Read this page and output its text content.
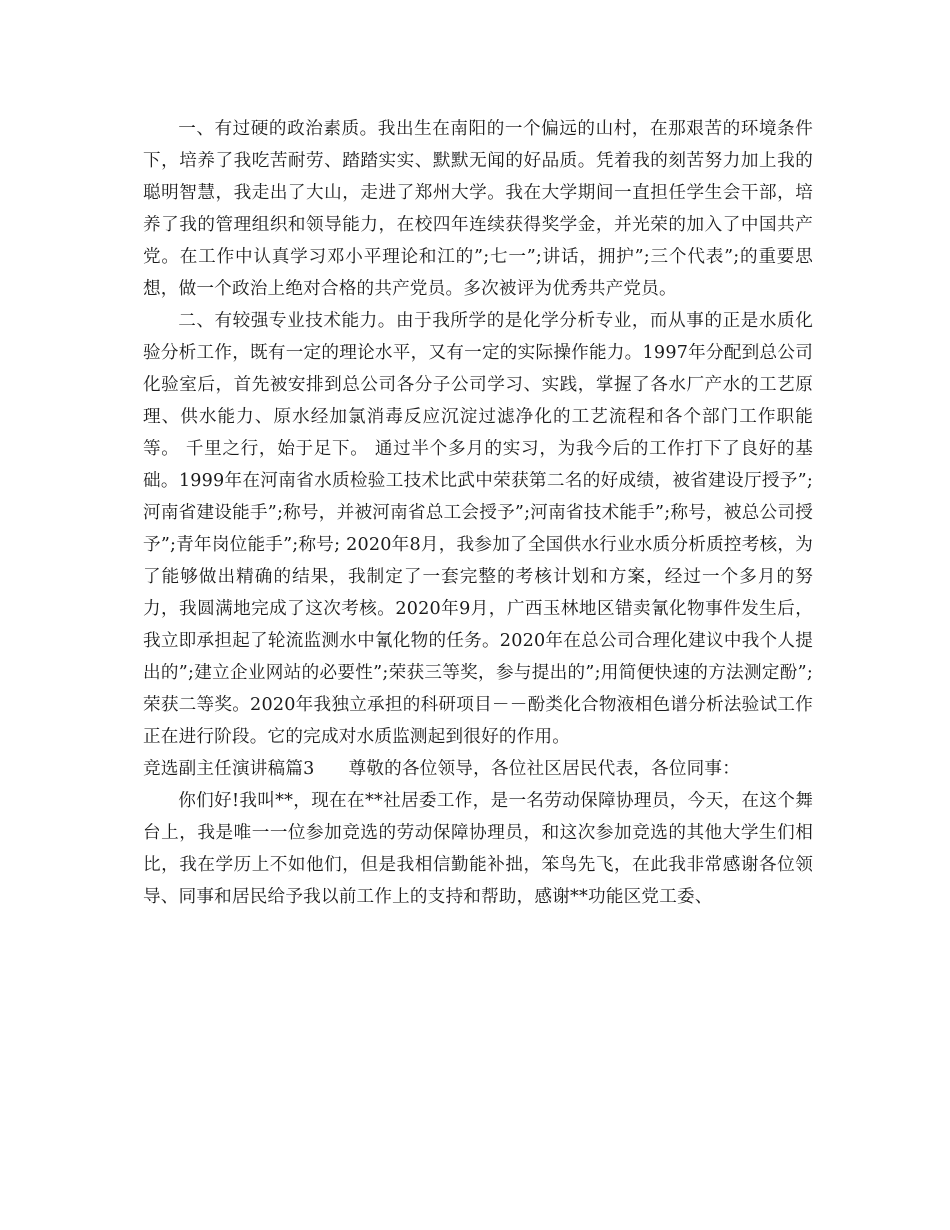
一、有过硬的政治素质。我出生在南阳的一个偏远的山村，在那艰苦的环境条件下，培养了我吃苦耐劳、踏踏实实、默默无闻的好品质。凭着我的刻苦努力加上我的聪明智慧，我走出了大山，走进了郑州大学。我在大学期间一直担任学生会干部，培养了我的管理组织和领导能力，在校四年连续获得奖学金，并光荣的加入了中国共产党。在工作中认真学习邓小平理论和江的”;七一”;讲话，拥护”;三个代表”;的重要思想，做一个政治上绝对合格的共产党员。多次被评为优秀共产党员。

二、有较强专业技术能力。由于我所学的是化学分析专业，而从事的正是水质化验分析工作，既有一定的理论水平，又有一定的实际操作能力。1997年分配到总公司化验室后，首先被安排到总公司各分子公司学习、实践，掌握了各水厂产水的工艺原理、供水能力、原水经加氯消毒反应沉淀过滤净化的工艺流程和各个部门工作职能等。 千里之行，始于足下。 通过半个多月的实习，为我今后的工作打下了良好的基础。1999年在河南省水质检验工技术比武中荣获第二名的好成绩，被省建设厅授予”;河南省建设能手”;称号，并被河南省总工会授予”;河南省技术能手”;称号，被总公司授予”;青年岗位能手”;称号; 2020年8月，我参加了全国供水行业水质分析质控考核，为了能够做出精确的结果，我制定了一套完整的考核计划和方案，经过一个多月的努力，我圆满地完成了这次考核。2020年9月，广西玉林地区错卖氰化物事件发生后，我立即承担起了轮流监测水中氰化物的任务。2020年在总公司合理化建议中我个人提出的”;建立企业网站的必要性”;荣获三等奖，参与提出的”;用简便快速的方法测定酚”;荣获二等奖。2020年我独立承担的科研项目－－酚类化合物液相色谱分析法验试工作正在进行阶段。它的完成对水质监测起到很好的作用。

竞选副主任演讲稿篇3 尊敬的各位领导，各位社区居民代表，各位同事：

你们好!我叫**，现在在**社居委工作，是一名劳动保障协理员，今天，在这个舞台上，我是唯一一位参加竞选的劳动保障协理员，和这次参加竞选的其他大学生们相比，我在学历上不如他们，但是我相信勤能补拙，笨鸟先飞，在此我非常感谢各位领导、同事和居民给予我以前工作上的支持和帮助，感谢**功能区党工委、
